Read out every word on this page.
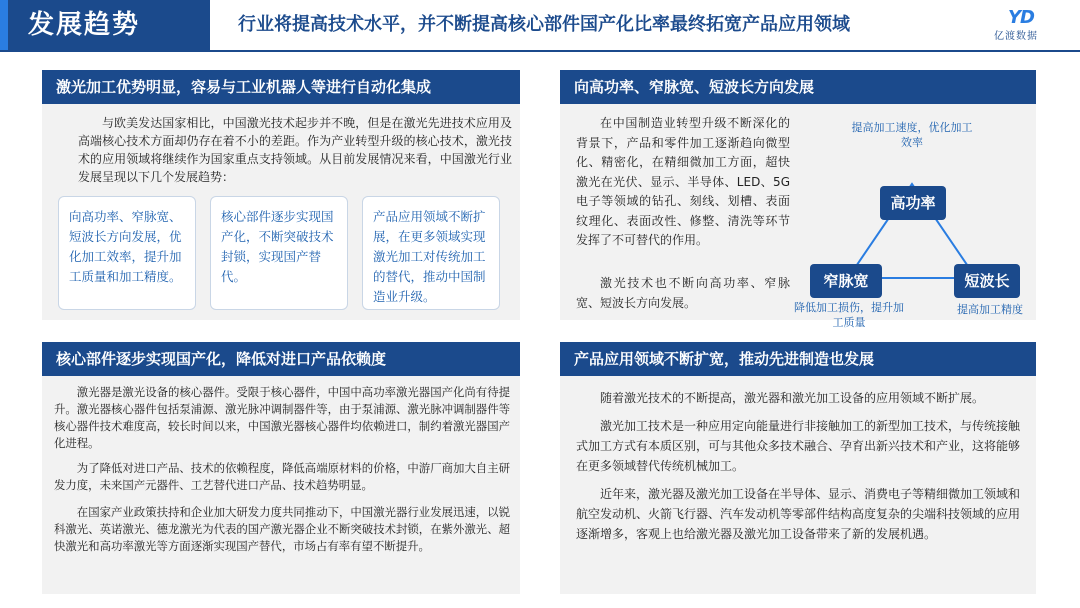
发展趋势	行业将提高技术水平，并不断提高核心部件国产化比率最终拓宽产品应用领域	YD
亿渡数据
激光加工优势明显，容易与工业机器人等进行自动化集成
与欧美发达国家相比，中国激光技术起步并不晚，但是在激光先进技术应用及高端核心技术方面却仍存在着不小的差距。作为产业转型升级的核心技术，激光技术的应用领域将继续作为国家重点支持领域。从目前发展情况来看，中国激光行业发展呈现以下几个发展趋势：
向高功率、窄脉宽、短波长方向发展，优化加工效率，提升加工质量和加工精度。
核心部件逐步实现国产化，不断突破技术封锁，实现国产替代。
产品应用领域不断扩展，在更多领域实现激光加工对传统加工的替代，推动中国制造业升级。
向高功率、窄脉宽、短波长方向发展
在中国制造业转型升级不断深化的背景下，产品和零件加工逐渐趋向微型化、精密化，在精细微加工方面，超快激光在光伏、显示、半导体、LED、5G电子等领域的钻孔、刻线、划槽、表面纹理化、表面改性、修整、清洗等环节发挥了不可替代的作用。
激光技术也不断向高功率、窄脉宽、短波长方向发展。
提高加工速度，优化加工效率
高功率
窄脉宽	短波长
降低加工损伤，提升加工质量
提高加工精度
核心部件逐步实现国产化，降低对进口产品依赖度
激光器是激光设备的核心器件。受限于核心器件，中国中高功率激光器国产化尚有待提升。激光器核心器件包括泵浦源、激光脉冲调制器件等，由于泵浦源、激光脉冲调制器件等核心器件技术难度高，较长时间以来，中国激光器核心器件均依赖进口，制约着激光器国产化进程。
为了降低对进口产品、技术的依赖程度，降低高端原材料的价格，中游厂商加大自主研发力度，未来国产元器件、工艺替代进口产品、技术趋势明显。
在国家产业政策扶持和企业加大研发力度共同推动下，中国激光器行业发展迅速，以锐科激光、英诺激光、德龙激光为代表的国产激光器企业不断突破技术封锁，在紫外激光、超快激光和高功率激光等方面逐渐实现国产替代，市场占有率有望不断提升。
产品应用领域不断扩宽，推动先进制造也发展
随着激光技术的不断提高，激光器和激光加工设备的应用领域不断扩展。
激光加工技术是一种应用定向能量进行非接触加工的新型加工技术，与传统接触式加工方式有本质区别，可与其他众多技术融合、孕育出新兴技术和产业，这将能够在更多领域替代传统机械加工。
近年来，激光器及激光加工设备在半导体、显示、消费电子等精细微加工领域和航空发动机、火箭飞行器、汽车发动机等零部件结构高度复杂的尖端科技领域的应用逐渐增多，客观上也给激光器及激光加工设备带来了新的发展机遇。
